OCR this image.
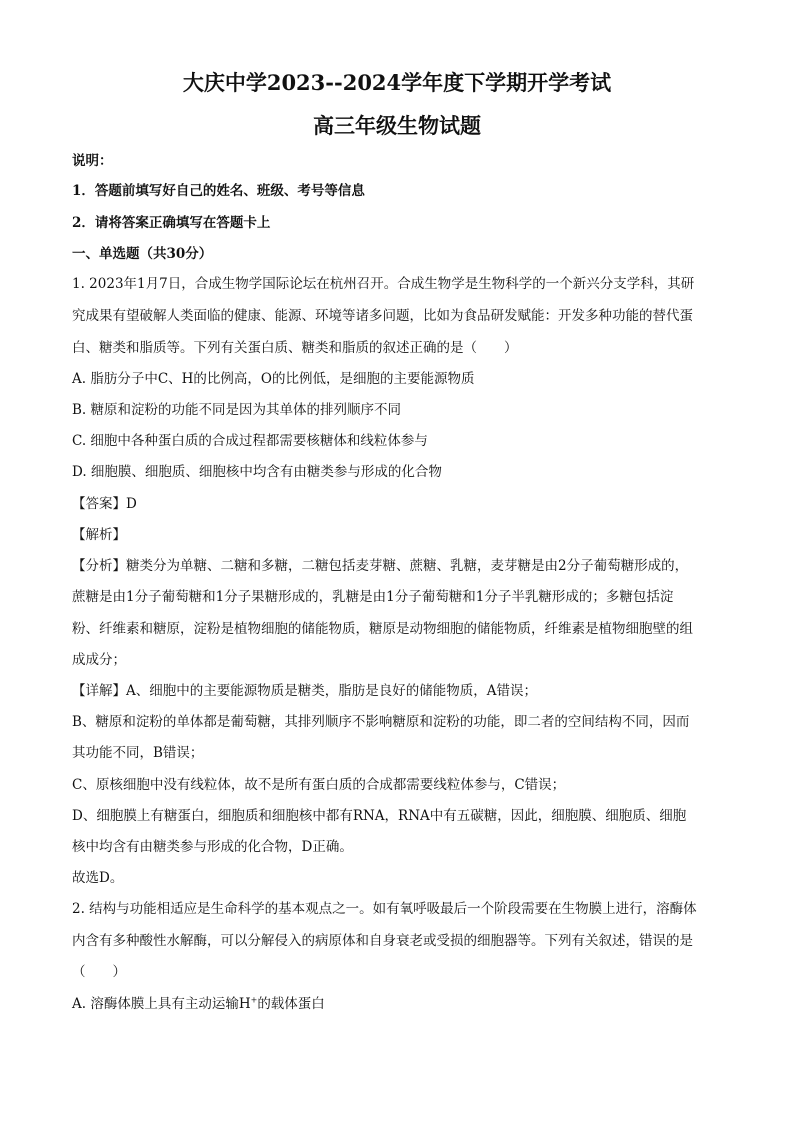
大庆中学2023--2024学年度下学期开学考试
高三年级生物试题
说明：
1．答题前填写好自己的姓名、班级、考号等信息
2．请将答案正确填写在答题卡上
一、单选题（共30分）
1. 2023年1月7日，合成生物学国际论坛在杭州召开。合成生物学是生物科学的一个新兴分支学科，其研
究成果有望破解人类面临的健康、能源、环境等诸多问题，比如为食品研发赋能：开发多种功能的替代蛋
白、糖类和脂质等。下列有关蛋白质、糖类和脂质的叙述正确的是（　　）
A. 脂肪分子中C、H的比例高，O的比例低，是细胞的主要能源物质
B. 糖原和淀粉的功能不同是因为其单体的排列顺序不同
C. 细胞中各种蛋白质的合成过程都需要核糖体和线粒体参与
D. 细胞膜、细胞质、细胞核中均含有由糖类参与形成的化合物
【答案】D
【解析】
【分析】糖类分为单糖、二糖和多糖，二糖包括麦芽糖、蔗糖、乳糖，麦芽糖是由2分子葡萄糖形成的，
蔗糖是由1分子葡萄糖和1分子果糖形成的，乳糖是由1分子葡萄糖和1分子半乳糖形成的；多糖包括淀
粉、纤维素和糖原，淀粉是植物细胞的储能物质，糖原是动物细胞的储能物质，纤维素是植物细胞壁的组
成成分；
【详解】A、细胞中的主要能源物质是糖类，脂肪是良好的储能物质，A错误；
B、糖原和淀粉的单体都是葡萄糖，其排列顺序不影响糖原和淀粉的功能，即二者的空间结构不同，因而
其功能不同，B错误；
C、原核细胞中没有线粒体，故不是所有蛋白质的合成都需要线粒体参与，C错误；
D、细胞膜上有糖蛋白，细胞质和细胞核中都有RNA，RNA中有五碳糖，因此，细胞膜、细胞质、细胞
核中均含有由糖类参与形成的化合物，D正确。
故选D。
2. 结构与功能相适应是生命科学的基本观点之一。如有氧呼吸最后一个阶段需要在生物膜上进行，溶酶体
内含有多种酸性水解酶，可以分解侵入的病原体和自身衰老或受损的细胞器等。下列有关叙述，错误的是
（　　）
A. 溶酶体膜上具有主动运输H+的载体蛋白
